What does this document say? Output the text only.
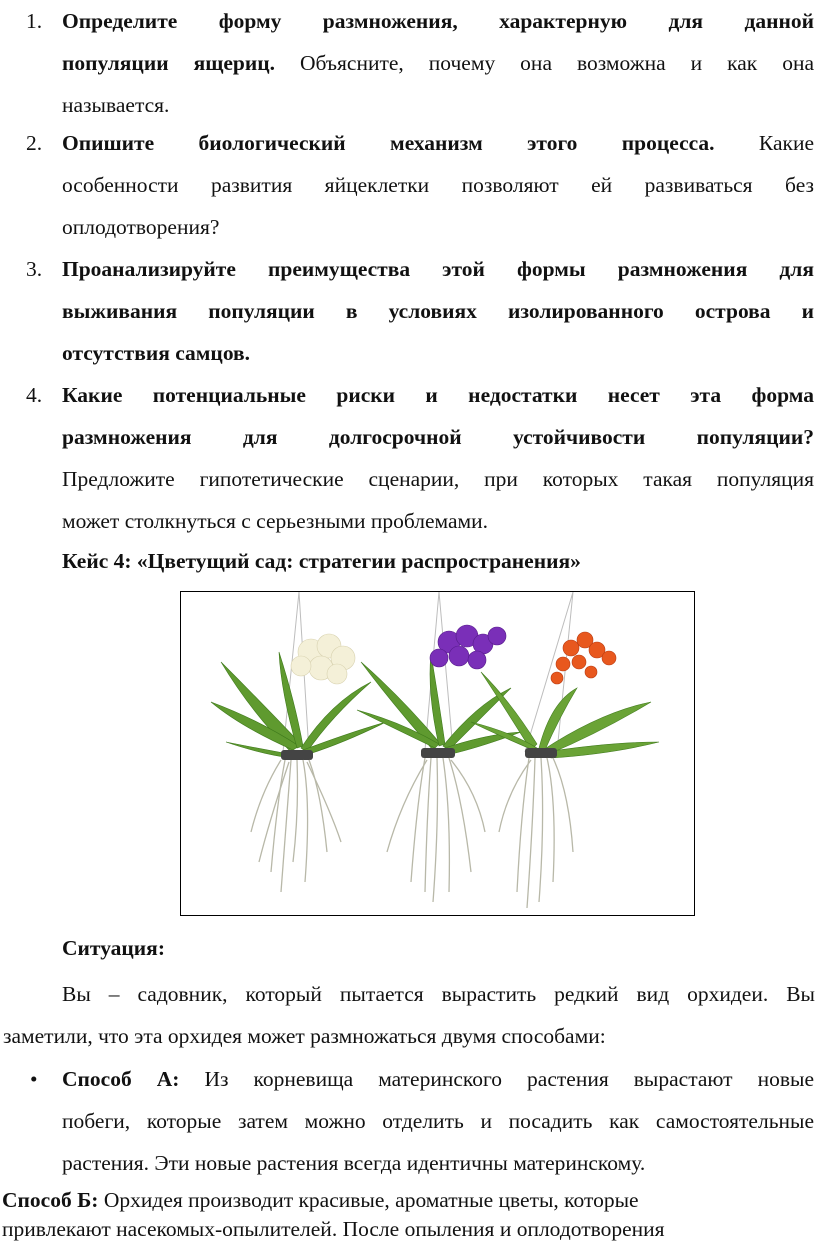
1. Определите форму размножения, характерную для данной
популяции ящериц. Объясните, почему она возможна и как она
называется.
2. Опишите биологический механизм этого процесса. Какие
особенности развития яйцеклетки позволяют ей развиваться без
оплодотворения?
3. Проанализируйте преимущества этой формы размножения для
выживания популяции в условиях изолированного острова и
отсутствия самцов.
4. Какие потенциальные риски и недостатки несет эта форма
размножения для долгосрочной устойчивости популяции?
Предложите гипотетические сценарии, при которых такая популяция
может столкнуться с серьезными проблемами.
Кейс 4: «Цветущий сад: стратегии распространения»
Ситуация:
Вы – садовник, который пытается вырастить редкий вид орхидеи. Вы
заметили, что эта орхидея может размножаться двумя способами:
• Способ А: Из корневища материнского растения вырастают новые
побеги, которые затем можно отделить и посадить как самостоятельные
растения. Эти новые растения всегда идентичны материнскому.
Способ Б: Орхидея производит красивые, ароматные цветы, которые
привлекают насекомых-опылителей. После опыления и оплодотворения
